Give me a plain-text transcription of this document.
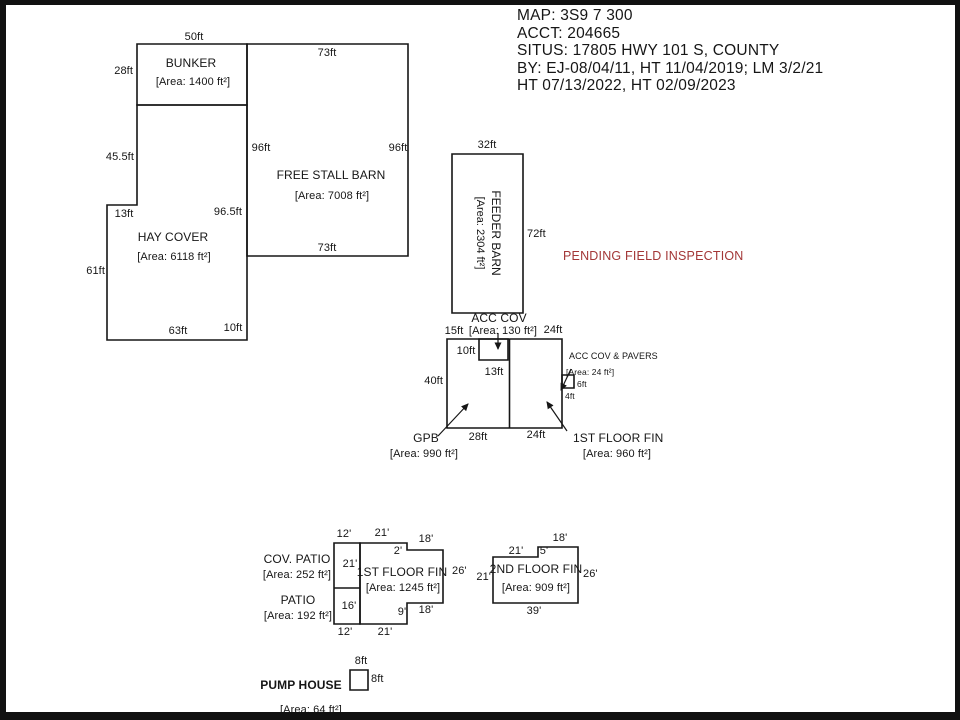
MAP: 3S9 7 300
ACCT: 204665
SITUS: 17805 HWY 101 S, COUNTY
BY: EJ-08/04/11, HT 11/04/2019; LM 3/2/21
HT 07/13/2022, HT 02/09/2023
PENDING FIELD INSPECTION
50ft
28ft
BUNKER
[Area: 1400 ft²]
73ft
96ft	96ft
FREE STALL BARN
[Area: 7008 ft²]
73ft
45.5ft
13ft	96.5ft
HAY COVER
[Area: 6118 ft²]
61ft
63ft	10ft
32ft
72ft
ACC COV
[Area: 130 ft²]
15ft	24ft
10ft
13ft
40ft
GPB
[Area: 990 ft²]
28ft	24ft 1ST FLOOR FIN
[Area: 960 ft²]
ACC COV & PAVERS
[Area: 24 ft²]
6ft
4ft
12'
COV. PATIO
[Area: 252 ft²]
21'
PATIO
[Area: 192 ft²]
16'
12'
21'
2'
18'
1ST FLOOR FIN
[Area: 1245 ft²]
26'
9' 18'
21'
18'
21' 5'
21'
2ND FLOOR FIN 26'
[Area: 909 ft²]
39'
8ft
8ft
PUMP HOUSE
[Area: 64 ft²]
FEEDER BARN
[Area: 2304 ft²]
